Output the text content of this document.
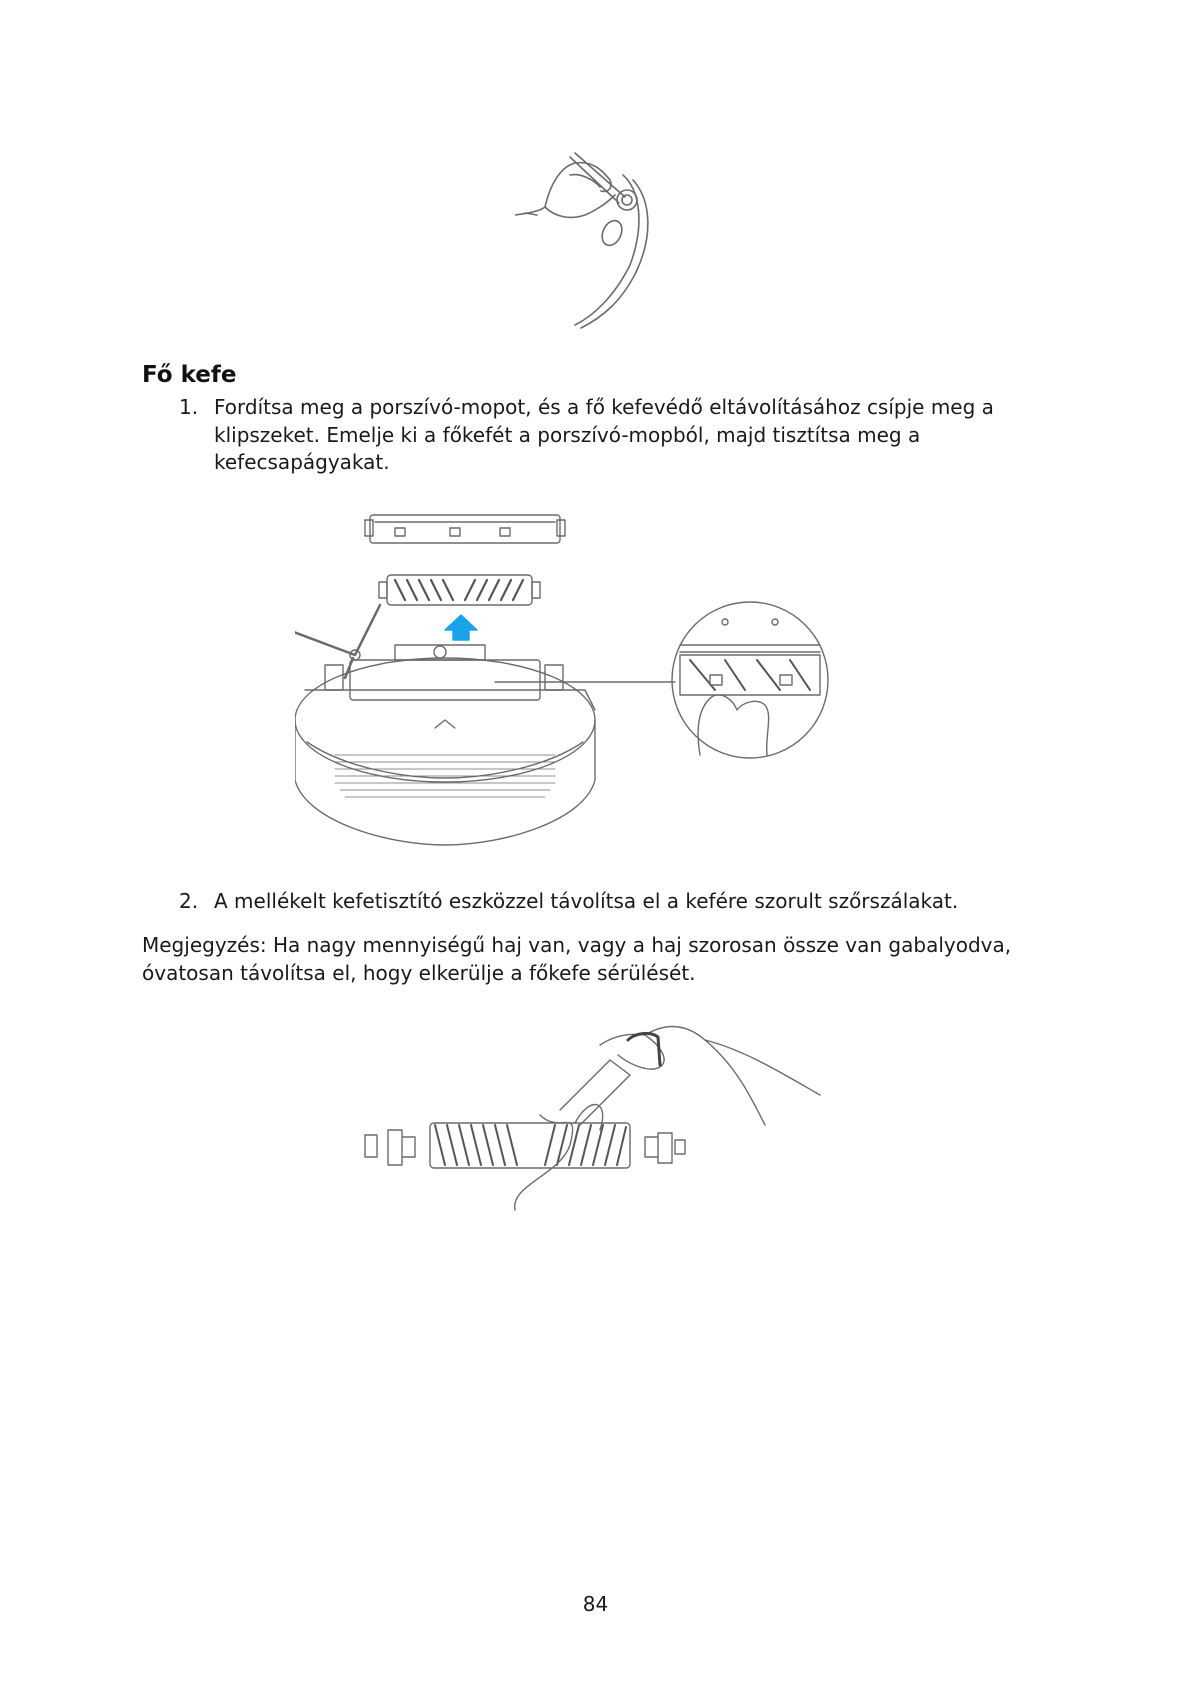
Fő kefe
1. Fordítsa meg a porszívó-mopot, és a fő kefevédő eltávolításához csípje meg a klipszeket. Emelje ki a főkefét a porszívó-mopból, majd tisztítsa meg a kefecsapágyakat.
2. A mellékelt kefetisztító eszközzel távolítsa el a kefére szorult szőrszálakat.

Megjegyzés: Ha nagy mennyiségű haj van, vagy a haj szorosan össze van gabalyodva, óvatosan távolítsa el, hogy elkerülje a főkefe sérülését.

84
